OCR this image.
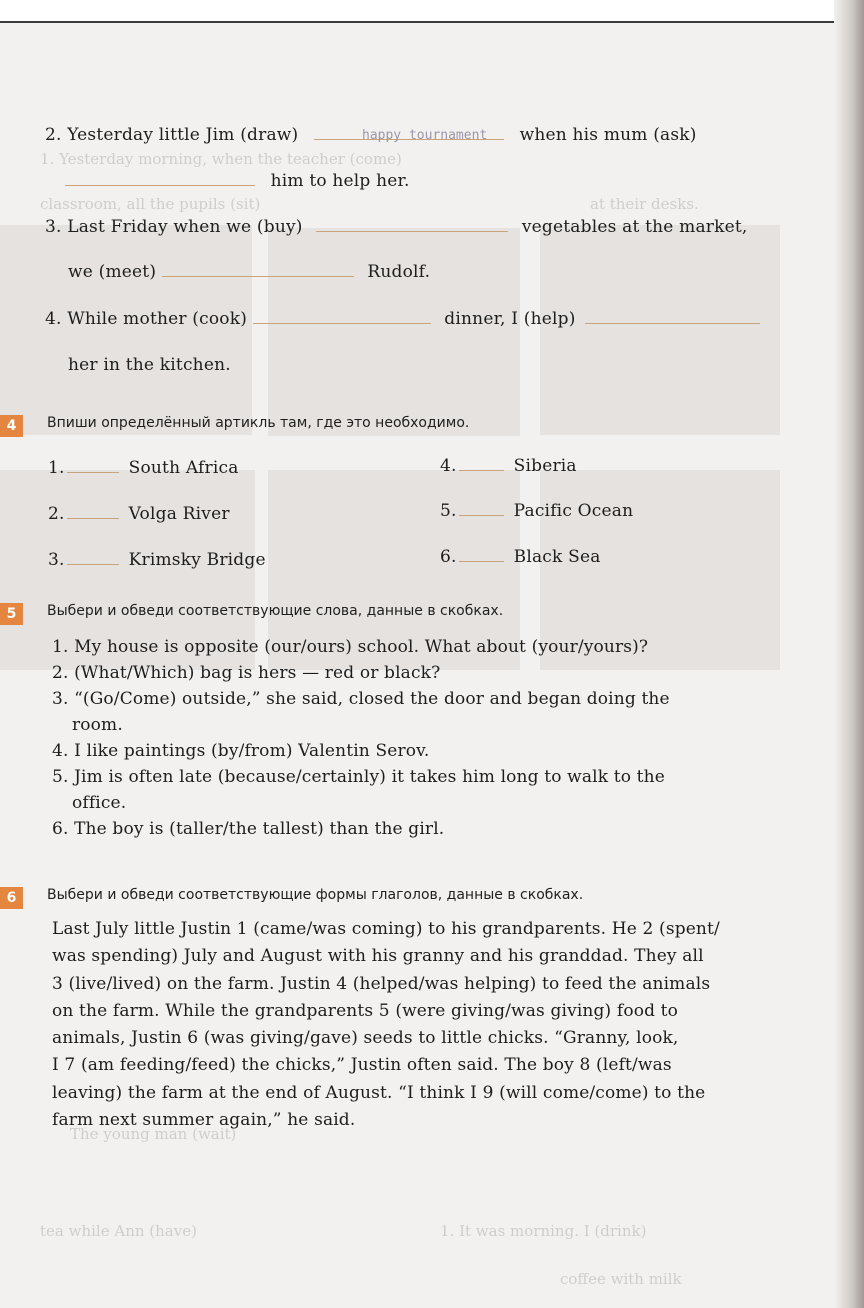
1. Yesterday morning, when the teacher (come)
classroom, all the pupils (sit)	at their desks.
The young man (wait)
coffee with milk
1. It was morning. I (drink)
tea while Ann (have)
2. Yesterday little Jim (draw)	when his mum (ask)
happy tournament
him to help her.
3. Last Friday when we (buy)	vegetables at the market,
we (meet)	Rudolf.
4. While mother (cook)	dinner, I (help)
her in the kitchen.
4	Впиши определённый артикль там, где это необходимо.
1.	South Africa
2.	Volga River
3.	Krimsky Bridge
4.	Siberia
5.	Pacific Ocean
6.	Black Sea
5	Выбери и обведи соответствующие слова, данные в скобках.
1. My house is opposite (our/ours) school. What about (your/yours)?
2. (What/Which) bag is hers — red or black?
3. “(Go/Come) outside,” she said, closed the door and began doing the
room.
4. I like paintings (by/from) Valentin Serov.
5. Jim is often late (because/certainly) it takes him long to walk to the
office.
6. The boy is (taller/the tallest) than the girl.
6	Выбери и обведи соответствующие формы глаголов, данные в скобках.
Last July little Justin 1 (came/was coming) to his grandparents. He 2 (spent/
was spending) July and August with his granny and his granddad. They all
3 (live/lived) on the farm. Justin 4 (helped/was helping) to feed the animals
on the farm. While the grandparents 5 (were giving/was giving) food to
animals, Justin 6 (was giving/gave) seeds to little chicks. “Granny, look,
I 7 (am feeding/feed) the chicks,” Justin often said. The boy 8 (left/was
leaving) the farm at the end of August. “I think I 9 (will come/come) to the
farm next summer again,” he said.
